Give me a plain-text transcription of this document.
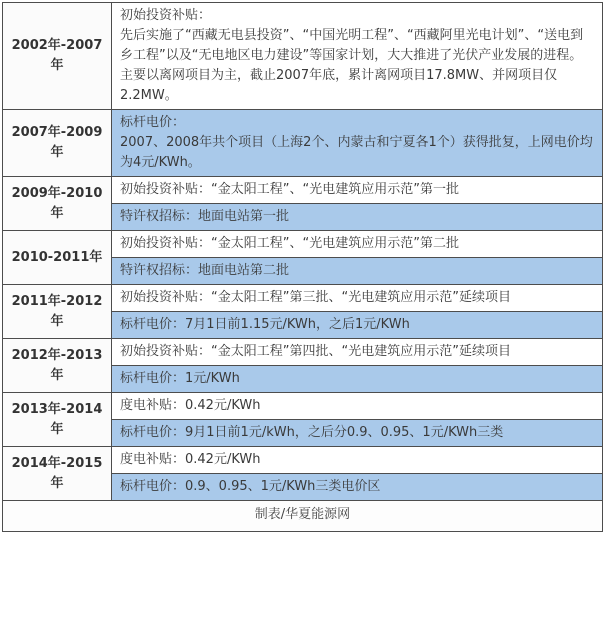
2002年-2007年	初始投资补贴：
先后实施了“西藏无电县投资”、“中国光明工程”、“西藏阿里光电计划”、“送电到乡工程”以及“无电地区电力建设”等国家计划，大大推进了光伏产业发展的进程。
主要以离网项目为主，截止2007年底，累计离网项目17.8MW、并网项目仅2.2MW。

2007年-2009年	标杆电价：
2007、2008年共个项目（上海2个、内蒙古和宁夏各1个）获得批复，上网电价均为4元/KWh。

2009年-2010年	初始投资补贴：“金太阳工程”、“光电建筑应用示范”第一批
	特许权招标：地面电站第一批
2010-2011年	初始投资补贴：“金太阳工程”、“光电建筑应用示范”第二批
	特许权招标：地面电站第二批
2011年-2012年	初始投资补贴：“金太阳工程”第三批、“光电建筑应用示范”延续项目
	标杆电价：7月1日前1.15元/KWh，之后1元/KWh
2012年-2013年	初始投资补贴：“金太阳工程”第四批、“光电建筑应用示范”延续项目
	标杆电价：1元/KWh
2013年-2014年	度电补贴：0.42元/KWh
	标杆电价：9月1日前1元/kWh，之后分0.9、0.95、1元/KWh三类
2014年-2015年	度电补贴：0.42元/KWh
	标杆电价：0.9、0.95、1元/KWh三类电价区
制表/华夏能源网	
